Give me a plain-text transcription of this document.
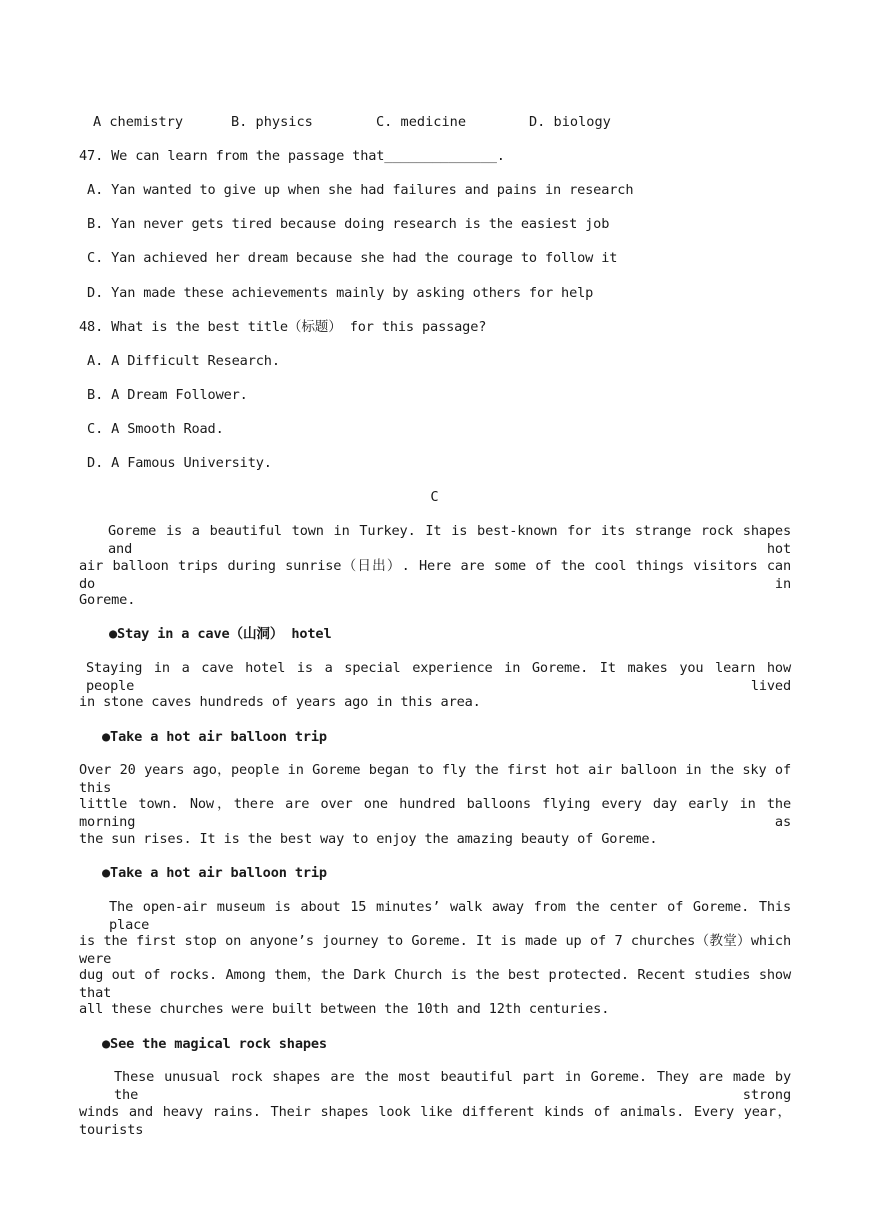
A chemistry	B. physics	C. medicine	D. biology
47. We can learn from the passage that______________.
A. Yan wanted to give up when she had failures and pains in research
B. Yan never gets tired because doing research is the easiest job
C. Yan achieved her dream because she had the courage to follow it
D. Yan made these achievements mainly by asking others for help
48. What is the best title（标题） for this passage?
A. A Difficult Research.
B. A Dream Follower.
C. A Smooth Road.
D. A Famous University.
C
Goreme is a beautiful town in Turkey. It is best-known for its strange rock shapes and hot
air balloon trips during sunrise（日出）. Here are some of the cool things visitors can do in
Goreme.
●Stay in a cave（山洞） hotel
Staying in a cave hotel is a special experience in Goreme. It makes you learn how people lived
in stone caves hundreds of years ago in this area.
●Take a hot air balloon trip
Over 20 years ago，people in Goreme began to fly the first hot air balloon in the sky of this
little town. Now，there are over one hundred balloons flying every day early in the morning as
the sun rises. It is the best way to enjoy the amazing beauty of Goreme.
●Take a hot air balloon trip
The open-air museum is about 15 minutes’ walk away from the center of Goreme. This place
is the first stop on anyone’s journey to Goreme. It is made up of 7 churches（教堂）which were
dug out of rocks. Among them，the Dark Church is the best protected. Recent studies show that
all these churches were built between the 10th and 12th centuries.
●See the magical rock shapes
These unusual rock shapes are the most beautiful part in Goreme. They are made by the strong
winds and heavy rains. Their shapes look like different kinds of animals. Every year，tourists
